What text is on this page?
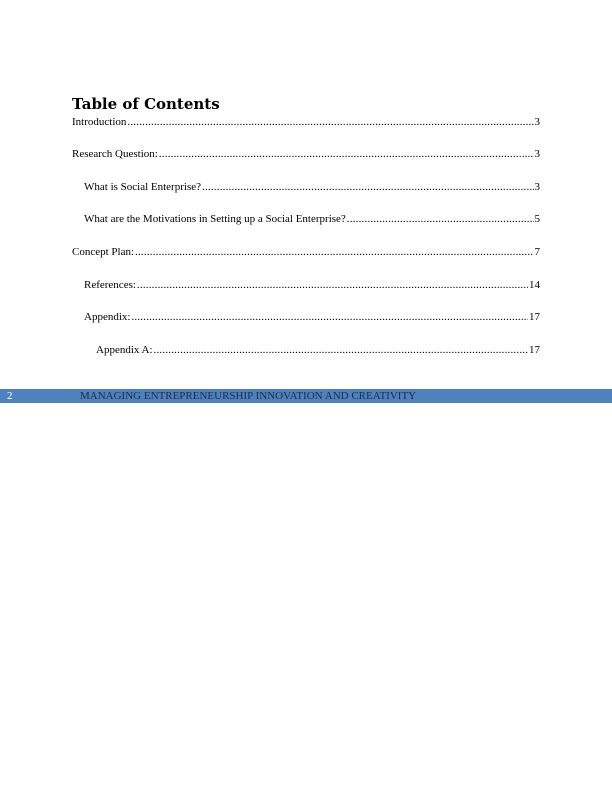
Table of Contents
Introduction .....	3
Research Question: .....	3
What is Social Enterprise? .....	3
What are the Motivations in Setting up a Social Enterprise? .....	5
Concept Plan: .....	7
References: .....	14
Appendix: .....	17
Appendix A: .....	17
2	MANAGING ENTREPRENEURSHIP INNOVATION AND CREATIVITY
